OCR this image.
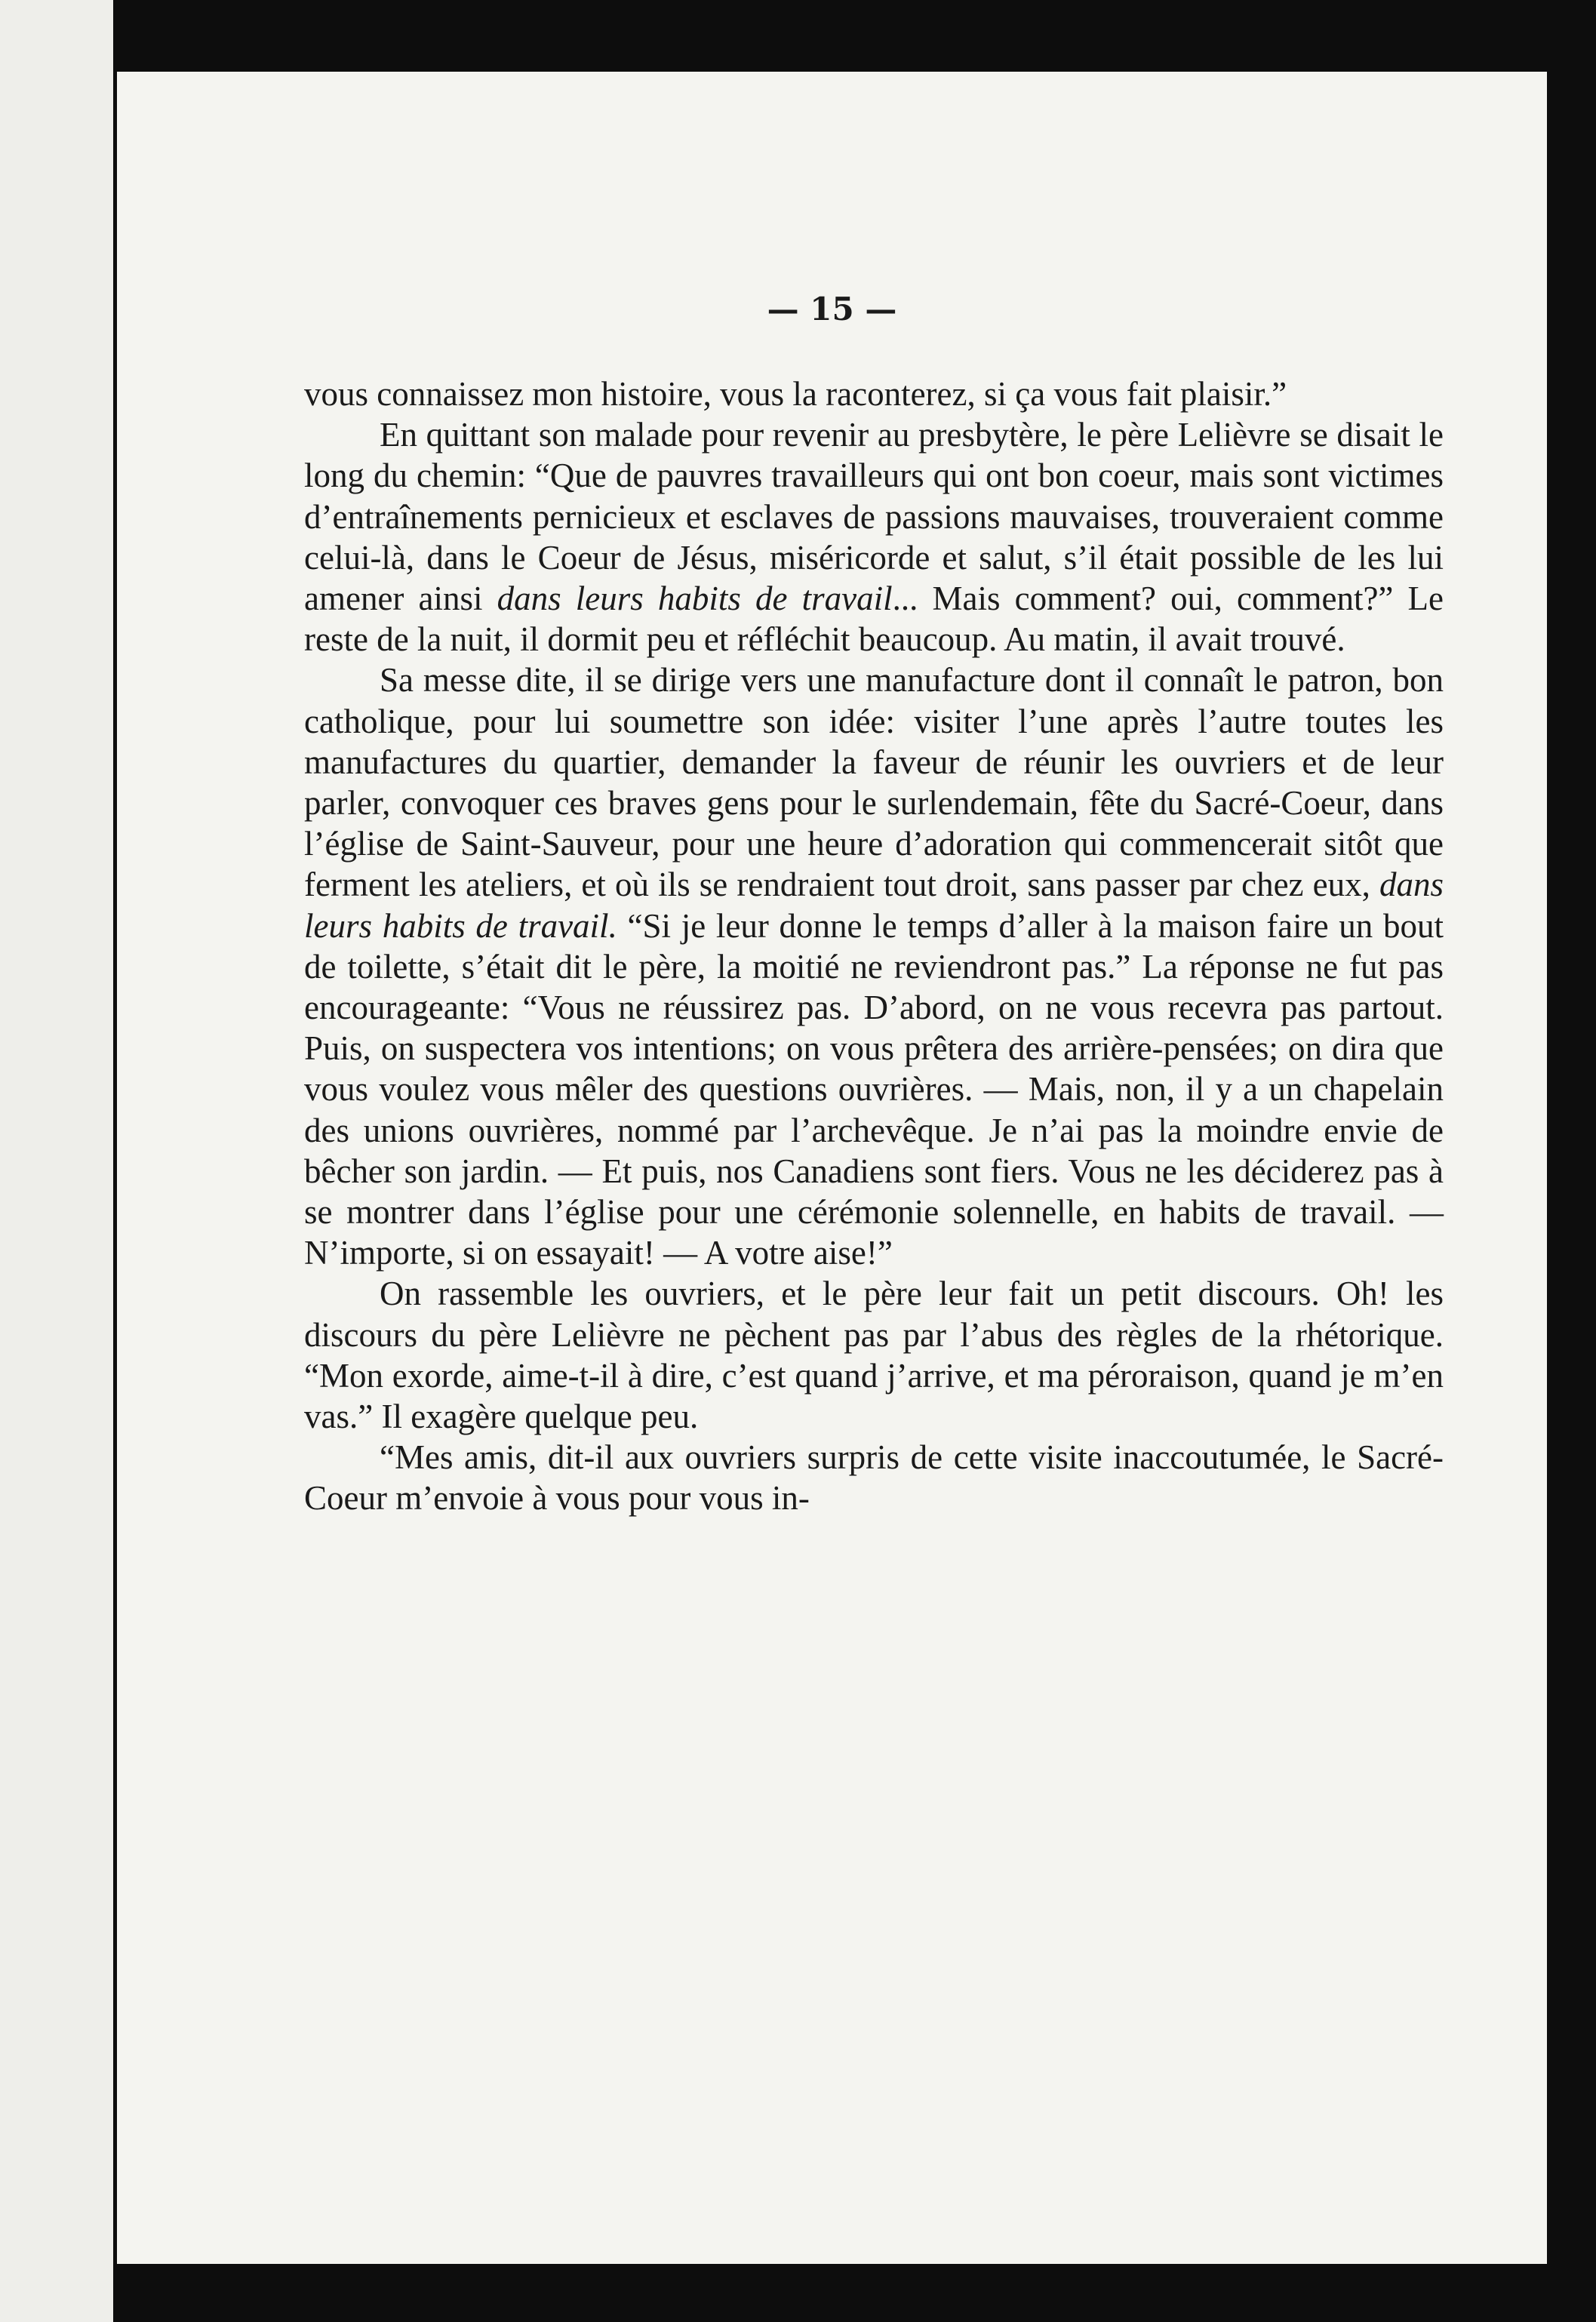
— 15 —

vous connaissez mon histoire, vous la raconterez, si ça vous fait plaisir.”

En quittant son malade pour revenir au presbytère, le père Lelièvre se disait le long du chemin: “Que de pauvres travailleurs qui ont bon coeur, mais sont victimes d’entraînements pernicieux et esclaves de passions mauvaises, trouveraient comme celui-là, dans le Coeur de Jésus, miséricorde et salut, s’il était possible de les lui amener ainsi dans leurs habits de travail... Mais comment? oui, comment?” Le reste de la nuit, il dormit peu et réfléchit beaucoup. Au matin, il avait trouvé.

Sa messe dite, il se dirige vers une manufacture dont il connaît le patron, bon catholique, pour lui soumettre son idée: visiter l’une après l’autre toutes les manufactures du quartier, demander la faveur de réunir les ouvriers et de leur parler, convoquer ces braves gens pour le surlendemain, fête du Sacré-Coeur, dans l’église de Saint-Sauveur, pour une heure d’adoration qui commencerait sitôt que ferment les ateliers, et où ils se rendraient tout droit, sans passer par chez eux, dans leurs habits de travail. “Si je leur donne le temps d’aller à la maison faire un bout de toilette, s’était dit le père, la moitié ne reviendront pas.” La réponse ne fut pas encourageante: “Vous ne réussirez pas. D’abord, on ne vous recevra pas partout. Puis, on suspectera vos intentions; on vous prêtera des arrière-pensées; on dira que vous voulez vous mêler des questions ouvrières. — Mais, non, il y a un chapelain des unions ouvrières, nommé par l’archevêque. Je n’ai pas la moindre envie de bêcher son jardin. — Et puis, nos Canadiens sont fiers. Vous ne les déciderez pas à se montrer dans l’église pour une cérémonie solennelle, en habits de travail. — N’importe, si on essayait! — A votre aise!”

On rassemble les ouvriers, et le père leur fait un petit discours. Oh! les discours du père Lelièvre ne pèchent pas par l’abus des règles de la rhétorique. “Mon exorde, aime-t-il à dire, c’est quand j’arrive, et ma péroraison, quand je m’en vas.” Il exagère quelque peu.

“Mes amis, dit-il aux ouvriers surpris de cette visite inaccoutumée, le Sacré-Coeur m’envoie à vous pour vous in-
